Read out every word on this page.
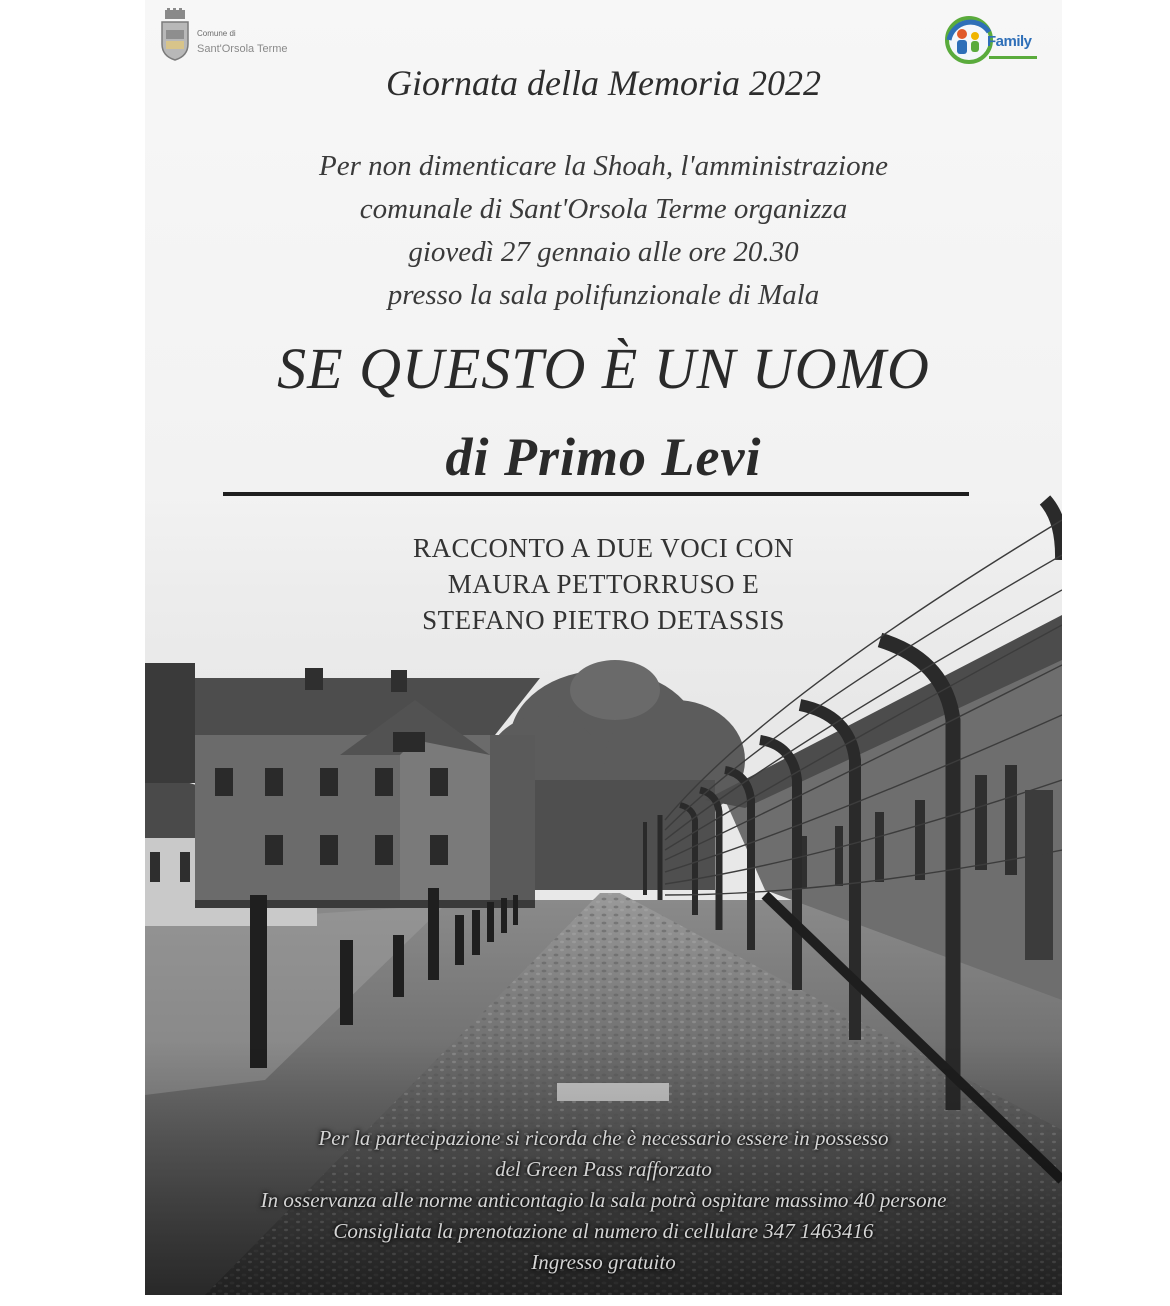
Comune di
Sant'Orsola Terme	Family
Giornata della Memoria 2022
Per non dimenticare la Shoah, l'amministrazione
comunale di Sant'Orsola Terme organizza
giovedì 27 gennaio alle ore 20.30
presso la sala polifunzionale di Mala
SE QUESTO È UN UOMO
di Primo Levi
RACCONTO A DUE VOCI CON
MAURA PETTORRUSO E
STEFANO PIETRO DETASSIS
Per la partecipazione si ricorda che è necessario essere in possesso
del Green Pass rafforzato
In osservanza alle norme anticontagio la sala potrà ospitare massimo 40 persone
Consigliata la prenotazione al numero di cellulare 347 1463416
Ingresso gratuito
